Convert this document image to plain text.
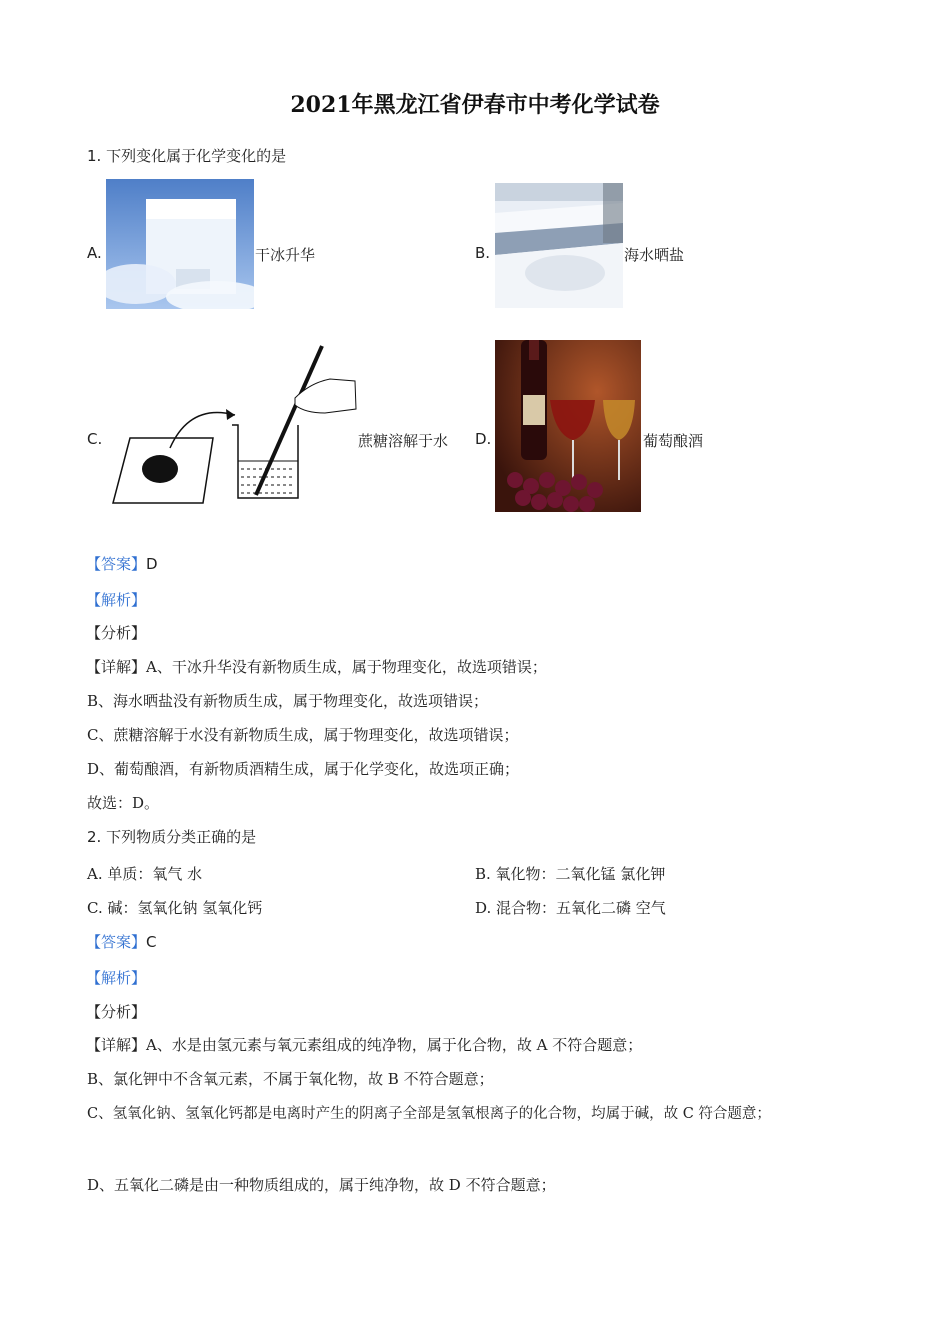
2021年黑龙江省伊春市中考化学试卷
1. 下列变化属于化学变化的是
A.	干冰升华	B.	海水晒盐
C.	蔗糖溶解于水 D.	葡萄酿酒
【答案】D
【解析】
【分析】
【详解】A、干冰升华没有新物质生成，属于物理变化，故选项错误；
B、海水晒盐没有新物质生成，属于物理变化，故选项错误；
C、蔗糖溶解于水没有新物质生成，属于物理变化，故选项错误；
D、葡萄酿酒，有新物质酒精生成，属于化学变化，故选项正确；
故选：D。
2. 下列物质分类正确的是
A. 单质：氧气 水	B. 氧化物：二氧化锰 氯化钾
C. 碱：氢氧化钠 氢氧化钙	D. 混合物：五氧化二磷 空气
【答案】C
【解析】
【分析】
【详解】A、水是由氢元素与氧元素组成的纯净物，属于化合物，故 A 不符合题意；
B、氯化钾中不含氧元素，不属于氧化物，故 B 不符合题意；
C、氢氧化钠、氢氧化钙都是电离时产生的阴离子全部是氢氧根离子的化合物，均属于碱，故 C 符合题意；
D、五氧化二磷是由一种物质组成的，属于纯净物，故 D 不符合题意；
